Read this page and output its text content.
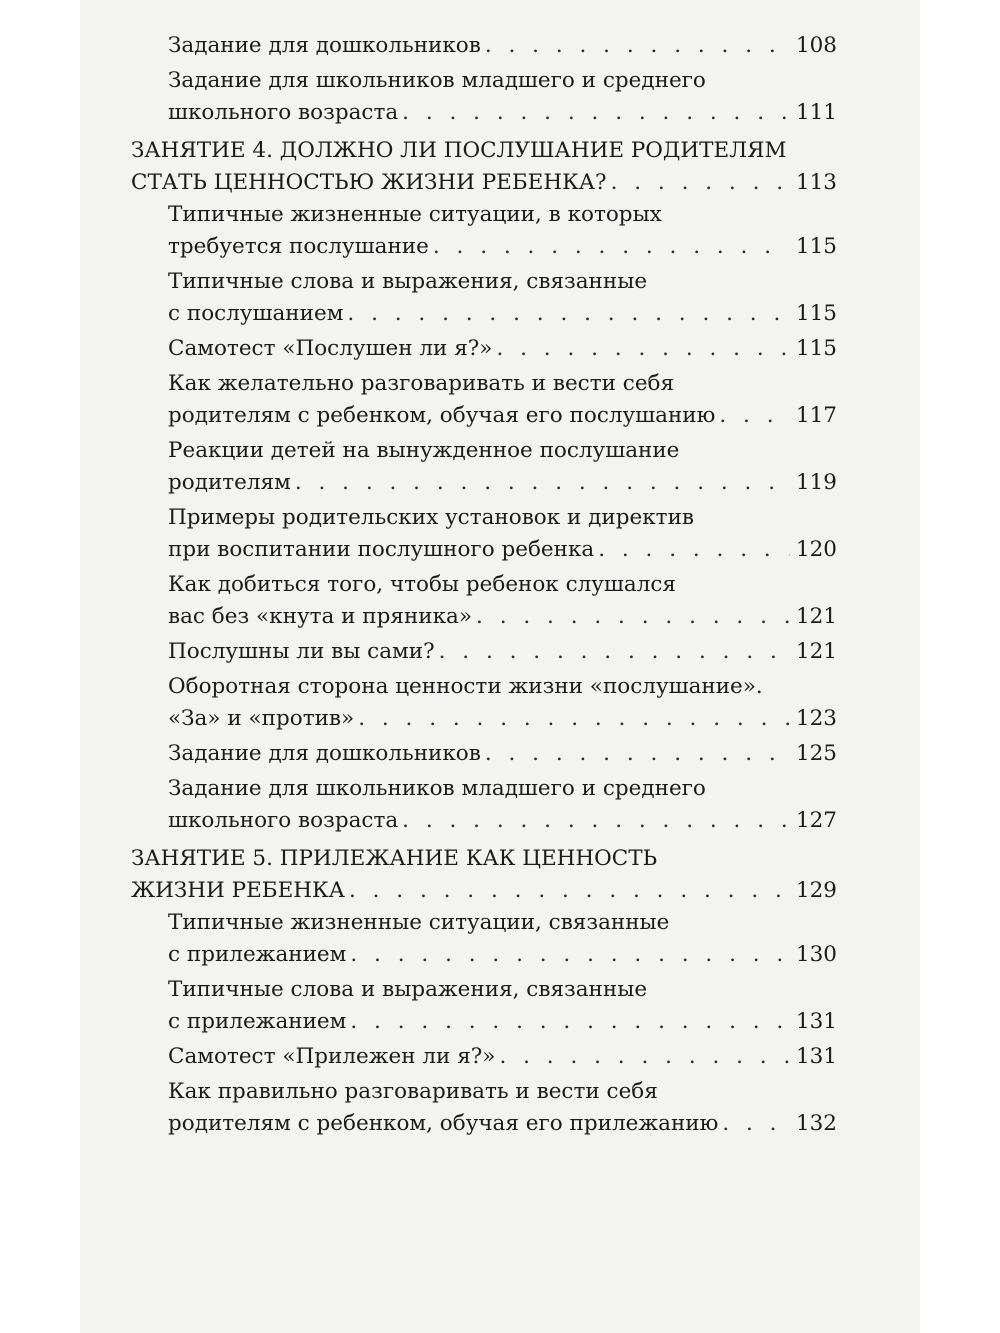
Задание для дошкольников . . .	108
Задание для школьников младшего и среднего
школьного возраста . . .	111
ЗАНЯТИЕ 4. ДОЛЖНО ЛИ ПОСЛУШАНИЕ РОДИТЕЛЯМ
СТАТЬ ЦЕННОСТЬЮ ЖИЗНИ РЕБЕНКА? . . .	113
Типичные жизненные ситуации, в которых
требуется послушание . . .	115
Типичные слова и выражения, связанные
с послушанием . . .	115
Самотест «Послушен ли я?» . . .	115
Как желательно разговаривать и вести себя
родителям с ребенком, обучая его послушанию . . .	117
Реакции детей на вынужденное послушание
родителям . . .	119
Примеры родительских установок и директив
при воспитании послушного ребенка . . .	120
Как добиться того, чтобы ребенок слушался
вас без «кнута и пряника» . . .	121
Послушны ли вы сами? . . .	121
Оборотная сторона ценности жизни «послушание».
«За» и «против» . . .	123
Задание для дошкольников . . .	125
Задание для школьников младшего и среднего
школьного возраста . . .	127
ЗАНЯТИЕ 5. ПРИЛЕЖАНИЕ КАК ЦЕННОСТЬ
ЖИЗНИ РЕБЕНКА . . .	129
Типичные жизненные ситуации, связанные
с прилежанием . . .	130
Типичные слова и выражения, связанные
с прилежанием . . .	131
Самотест «Прилежен ли я?» . . .	131
Как правильно разговаривать и вести себя
родителям с ребенком, обучая его прилежанию . . .	132
